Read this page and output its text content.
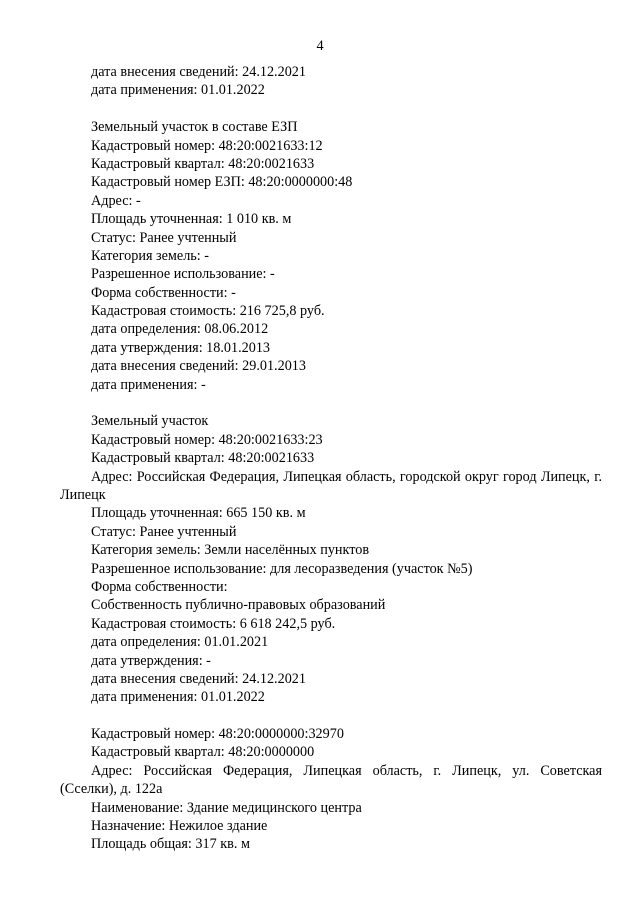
4
дата внесения сведений: 24.12.2021
дата применения: 01.01.2022
Земельный участок в составе ЕЗП
Кадастровый номер: 48:20:0021633:12
Кадастровый квартал: 48:20:0021633
Кадастровый номер ЕЗП: 48:20:0000000:48
Адрес: -
Площадь уточненная: 1 010 кв. м
Статус: Ранее учтенный
Категория земель: -
Разрешенное использование: -
Форма собственности: -
Кадастровая стоимость: 216 725,8 руб.
дата определения: 08.06.2012
дата утверждения: 18.01.2013
дата внесения сведений: 29.01.2013
дата применения: -
Земельный участок
Кадастровый номер: 48:20:0021633:23
Кадастровый квартал: 48:20:0021633
Адрес: Российская Федерация, Липецкая область, городской округ город Липецк, г. Липецк
Площадь уточненная: 665 150 кв. м
Статус: Ранее учтенный
Категория земель: Земли населённых пунктов
Разрешенное использование: для лесоразведения (участок №5)
Форма собственности:
Собственность публично-правовых образований
Кадастровая стоимость: 6 618 242,5 руб.
дата определения: 01.01.2021
дата утверждения: -
дата внесения сведений: 24.12.2021
дата применения: 01.01.2022
Кадастровый номер: 48:20:0000000:32970
Кадастровый квартал: 48:20:0000000
Адрес: Российская Федерация, Липецкая область, г. Липецк, ул. Советская (Сселки), д. 122а
Наименование: Здание медицинского центра
Назначение: Нежилое здание
Площадь общая: 317 кв. м
